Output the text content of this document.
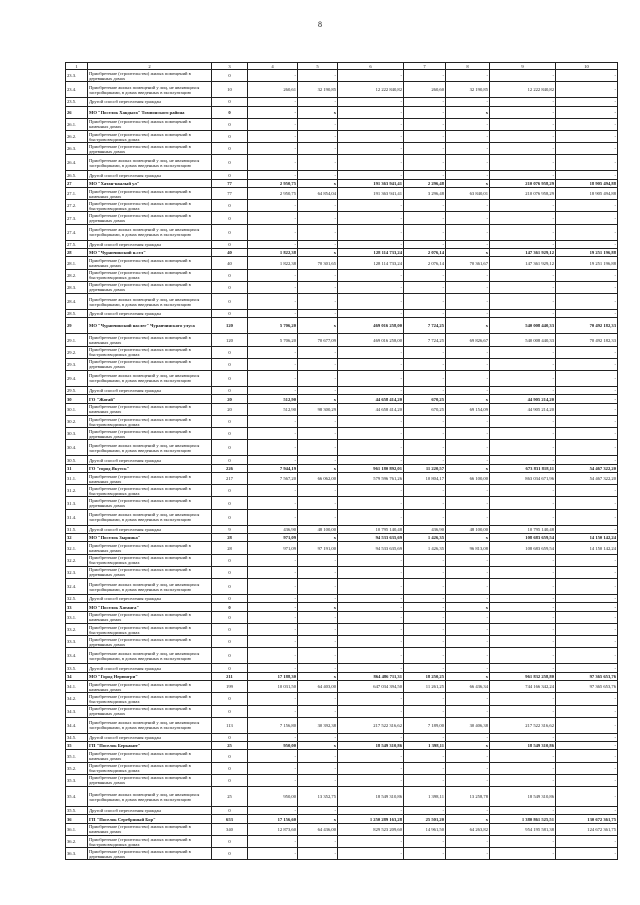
8
1	2	3	4	5	6	7	8	9	10
23.3.	Приобретение (строительство) жилых помещений в деревянных домах	0	-	-	-	-	-	-	-
23.4.	Приобретение жилых помещений у лиц, не являющихся застройщиками, в домах введенных в эксплуатацию	10	260,61	32 190,85	12 222 840,82	260,60	32 190,85	12 222 840,82	-
23.5.	Другой способ переселения граждан	0	-	-	-	-	-	-	-
26	МО "Поселок Хандыга" Томпонского района	0	-	x	-	-	x	-	-
26.1.	Приобретение (строительство) жилых помещений в каменных домах	0	-	-	-	-	-	-	-
26.2.	Приобретение (строительство) жилых помещений в быстровозводимых домах	0	-	-	-	-	-	-	-
26.3.	Приобретение (строительство) жилых помещений в деревянных домах	0	-	-	-	-	-	-	-
26.4.	Приобретение жилых помещений у лиц, не являющихся застройщиками, в домах введенных в эксплуатацию	0	-	-	-	-	-	-	-
26.5.	Другой способ переселения граждан	0	-	-	-	-	-	-	-
27	МО "Хатан-наалый ул"	77	2 950,75	x	191 363 941,41	2 296,48	x	210 076 958,29	18 905 494,88
27.1.	Приобретение (строительство) жилых помещений в каменных домах	77	2 950,75	64 854,04	191 363 941,41	3 296,48	63 840,01	210 076 958,29	18 905 494,88
27.2.	Приобретение (строительство) жилых помещений в быстровозводимых домах	0	-	-	-	-	-	-	-
27.3.	Приобретение (строительство) жилых помещений в деревянных домах	0	-	-	-	-	-	-	-
27.4.	Приобретение жилых помещений у лиц, не являющихся застройщиками, в домах введенных в эксплуатацию	0	-	-	-	-	-	-	-
27.5.	Другой способ переселения граждан	0	-	-	-	-	-	-	-
28	МО "Чурапчинский н.сел"	40	1 822,38	x	128 114 733,24	2 076,14	x	147 361 929,12	19 251 196,88
28.1.	Приобретение (строительство) жилых помещений в каменных домах	40	1 822,38	70 301,65	128 114 733,24	2 076,14	70 361,67	147 361 929,12	19 251 196,88
28.2.	Приобретение (строительство) жилых помещений в быстровозводимых домах	0	-	-	-	-	-	-	-
28.3.	Приобретение (строительство) жилых помещений в деревянных домах	0	-	-	-	-	-	-	-
28.4.	Приобретение жилых помещений у лиц, не являющихся застройщиками, в домах введенных в эксплуатацию	0	-	-	-	-	-	-	-
28.5.	Другой способ переселения граждан	0	-	-	-	-	-	-	-
29	МО "Чурапчинский наслег" Чурапчинского улуса	120	5 706,20	x	469 016 258,00	7 724,25	x	540 008 440,33	70 492 182,33
29.1.	Приобретение (строительство) жилых помещений в каменных домах	120	5 706,20	70 677,09	469 016 258,00	7 724,25	69 826,67	540 008 440,33	70 492 182,33
29.2.	Приобретение (строительство) жилых помещений в быстровозводимых домах	0	-	-	-	-	-	-	-
29.3.	Приобретение (строительство) жилых помещений в деревянных домах	0	-	-	-	-	-	-	-
29.4.	Приобретение жилых помещений у лиц, не являющихся застройщиками, в домах введенных в эксплуатацию	0	-	-	-	-	-	-	-
29.5.	Другой способ переселения граждан	0	-	-	-	-	-	-	-
30	ГО "Жатай"	20	512,90	x	44 658 414,20	670,25	x	44 905 214,20	-
30.1.	Приобретение (строительство) жилых помещений в каменных домах	20	512,90	98 300,29	44 658 414,20	670,25	69 154,09	44 905 214,20	-
30.2.	Приобретение (строительство) жилых помещений в быстровозводимых домах	0	-	-	-	-	-	-	-
30.3.	Приобретение (строительство) жилых помещений в деревянных домах	0	-	-	-	-	-	-	-
30.4.	Приобретение жилых помещений у лиц, не являющихся застройщиками, в домах введенных в эксплуатацию	0	-	-	-	-	-	-	-
30.5.	Другой способ переселения граждан	0	-	-	-	-	-	-	-
31	ГО "город Якутск"	226	7 944,19	x	961 180 892,01	11 220,57	x	673 831 818,11	54 467 322,20
31.1.	Приобретение (строительство) жилых помещений в каменных домах	217	7 567,20	66 062,00	579 596 761,26	10 804,17	66 100,00	863 034 671,96	54 467 322,20
31.2.	Приобретение (строительство) жилых помещений в быстровозводимых домах	0	-	-	-	-	-	-	-
31.3.	Приобретение (строительство) жилых помещений в деревянных домах	0	-	-	-	-	-	-	-
31.4.	Приобретение жилых помещений у лиц, не являющихся застройщиками, в домах введенных в эксплуатацию	0	-	-	-	-	-	-	-
31.5.	Другой способ переселения граждан	9	436,90	48 100,00	10 795 140,48	436,90	48 100,00	10 795 140,48	-
32	МО "Поселок Зырянка"	28	971,09	x	94 533 635,69	1 426,35	x	108 683 659,54	14 150 142,24
32.1.	Приобретение (строительство) жилых помещений в каменных домах	28	971,09	97 191,00	94 533 635,69	1 426,35	96 813,08	108 683 659,54	14 150 142,24
32.2.	Приобретение (строительство) жилых помещений в быстровозводимых домах	0	-	-	-	-	-	-	-
32.3.	Приобретение (строительство) жилых помещений в деревянных домах	0	-	-	-	-	-	-	-
32.4.	Приобретение жилых помещений у лиц, не являющихся застройщиками, в домах введенных в эксплуатацию	0	-	-	-	-	-	-	-
32.5.	Другой способ переселения граждан	0	-	-	-	-	-	-	-
33	МО "Поселок Хатанга"	0	-	x	-	-	x	-	-
33.1.	Приобретение (строительство) жилых помещений в каменных домах	0	-	-	-	-	-	-	-
33.2.	Приобретение (строительство) жилых помещений в быстровозводимых домах	0	-	-	-	-	-	-	-
33.3.	Приобретение (строительство) жилых помещений в деревянных домах	0	-	-	-	-	-	-	-
33.4.	Приобретение жилых помещений у лиц, не являющихся застройщиками, в домах введенных в эксплуатацию	0	-	-	-	-	-	-	-
33.5.	Другой способ переселения граждан	0	-	-	-	-	-	-	-
34	МО "Город Нерюнгри"	211	17 188,30	x	864 486 711,31	18 250,25	x	961 832 258,80	97 365 653,76
34.1.	Приобретение (строительство) жилых помещений в каменных домах	199	10 031,50	64 403,00	647 034 394,50	11 261,25	66 436,34	744 166 342,24	97 365 653,76
34.2.	Приобретение (строительство) жилых помещений в быстровозводимых домах	0	-	-	-	-	-	-	-
34.3.	Приобретение (строительство) жилых помещений в деревянных домах	0	-	-	-	-	-	-	-
34.4.	Приобретение жилых помещений у лиц, не являющихся застройщиками, в домах введенных в эксплуатацию	113	7 156,80	30 392,38	217 522 316,62	7 189,00	30 406,38	217 522 316,62	-
34.5.	Другой способ переселения граждан	0	-	-	-	-	-	-	-
35	ГП "Поселок Беркакит"	25	950,00	x	18 549 310,86	1 398,11	x	18 549 310,86	-
35.1.	Приобретение (строительство) жилых помещений в каменных домах	0	-	-	-	-	-	-	-
35.2.	Приобретение (строительство) жилых помещений в быстровозводимых домах	0	-	-	-	-	-	-	-
35.3.	Приобретение (строительство) жилых помещений в деревянных домах	0	-	-	-	-	-	-	-
35.4.	Приобретение жилых помещений у лиц, не являющихся застройщиками, в домах введенных в эксплуатацию	25	950,00	13 352,75	18 549 310,86	1 398,11	13 258,78	18 549 310,86	-
35.5.	Другой способ переселения граждан	0	-	-	-	-	-	-	-
36	ГП "Поселок Серебряный Бор"	653	17 156,60	x	1 250 289 163,28	25 501,20	x	1 380 861 525,51	130 672 361,75
36.1.	Приобретение (строительство) жилых помещений в каменных домах	340	12 873,60	64 436,00	829 523 209,60	14 961,50	64 263,82	954 195 581,38	124 672 361,75
36.2.	Приобретение (строительство) жилых помещений в быстровозводимых домах	0	-	-	-	-	-	-	-
36.3.	Приобретение (строительство) жилых помещений в деревянных домах	0	-	-	-	-	-	-	-
